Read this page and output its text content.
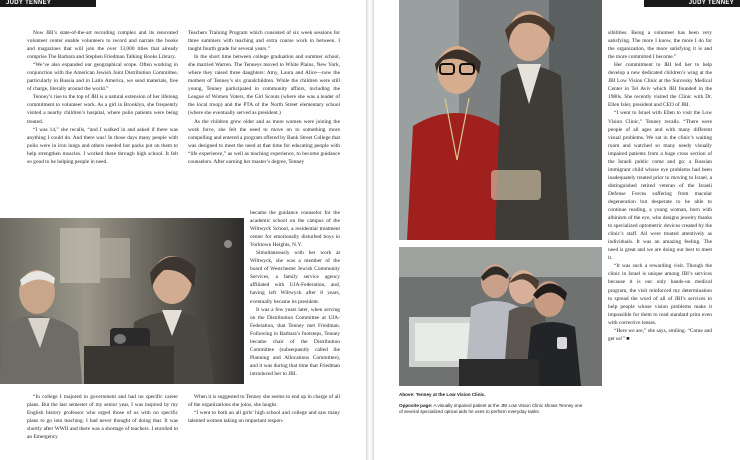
JUDY TENNEY

Now JBI’s state-of-the-art recording complex and its renovated volunteer center enable volunteers to record and narrate the books and magazines that will join the over 13,000 titles that already comprise The Barbara and Stephen Friedman Talking Books Library.

“We’ve also expanded our geographical scope. Often working in conjunction with the American Jewish Joint Distribution Committee, particularly in Russia and in Latin America, we send materials, free of charge, literally around the world.”

Tenney’s rise to the top of JBI is a natural extension of her lifelong commitment to volunteer work. As a girl in Brooklyn, she frequently visited a nearby children’s hospital, where polio patients were being treated.

“I was 14,” she recalls, “and I walked in and asked if there was anything I could do. And there was! In those days many people with polio were in iron lungs and others needed hot packs put on them to help strengthen muscles. I worked there through high school. It felt so good to be helping people in need.

“In college I majored in government and had no specific career plans. But the last semester of my senior year, I was inspired by my English history professor who urged those of us with no specific plans to go into teaching. I had never thought of doing that. It was shortly after WWII and there was a shortage of teachers. I enrolled in an Emergency

Teachers Training Program which consisted of six week sessions for three summers with teaching and extra course work in between. I taught fourth grade for several years.”

In the short time between college graduation and summer school, she married Warren. The Tenneys moved to White Plains, New York, where they raised three daughters: Amy, Laura and Alice—now the mothers of Tenney’s six grandchildren. While the children were still young, Tenney participated in community affairs, including the League of Women Voters, the Girl Scouts (where she was a leader of the local troop) and the PTA of the North Street elementary school (where she eventually served as president.)

As the children grew older and as more women were joining the work force, she felt the need to move on to something more compelling and entered a program offered by Bank Street College that was designed to meet the need at that time for educating people with “life experience,” as well as teaching experience, to become guidance counselors. After earning her master’s degree, Tenney

became the guidance counselor for the academic school on the campus of the Wiltwyck School, a residential treatment center for emotionally disturbed boys in Yorktown Heights, N.Y.

Simultaneously with her work at Wiltwyck, she was a member of the board of Westchester Jewish Community Services, a family service agency affiliated with UJA-Federation, and, having left Wiltwyck after 8 years, eventually became its president.

It was a few years later, when serving on the Distribution Committee at UJA-Federation, that Tenney met Friedman. Following in Barbara’s footsteps, Tenney became chair of the Distribution Committee (subsequently called the Planning and Allocations Committee), and it was during that time that Friedman introduced her to JBI.

When it is suggested to Tenney she seems to end up in charge of all of the organizations she joins, she laughs.

“I went to both an all girls’ high school and college and saw many talented women taking on important respon-

JUDY TENNEY
Above: Tenney at the Low Vision Clinic.
Opposite page: A visually impaired patient at the JBI Low Vision Clinic shows Tenney one of several specialized optical aids he uses to perform everyday tasks.

sibilities. Being a volunteer has been very satisfying. The more I know, the more I do for the organization, the more satisfying it is and the more committed I become.”

Her commitment to JBI led her to help develop a new dedicated children’s wing at the JBI Low Vision Clinic at the Surovsky Medical Center in Tel Aviv which JBI founded in the 1980s. She recently visited the Clinic with Dr. Ellen Isler, president and CEO of JBI.

“I went to Israel with Ellen to visit the Low Vision Clinic,” Tenney recalls. “There were people of all ages and with many different visual problems. We sat in the clinic’s waiting room and watched so many needy visually impaired patients from a huge cross section of the Israeli public come and go: a Russian immigrant child whose eye problems had been inadequately treated prior to moving to Israel, a distinguished retired veteran of the Israeli Defense Forces suffering from macular degeneration but desperate to be able to continue reading, a young woman, born with albinism of the eye, who designs jewelry thanks to specialized optometric devices created by the clinic’s staff. All were treated attentively as individuals. It was an amazing feeling. The need is great and we are doing our best to meet it.

“It was such a rewarding visit. Though the clinic in Israel is unique among JBI’s services because it is our only hands-on medical program, the visit reinforced my determination to spread the word of all of JBI’s services to help people whose vision problems make it impossible for them to read standard print even with corrective lenses.

“Here we are,” she says, smiling. “Come and get us!” ■
